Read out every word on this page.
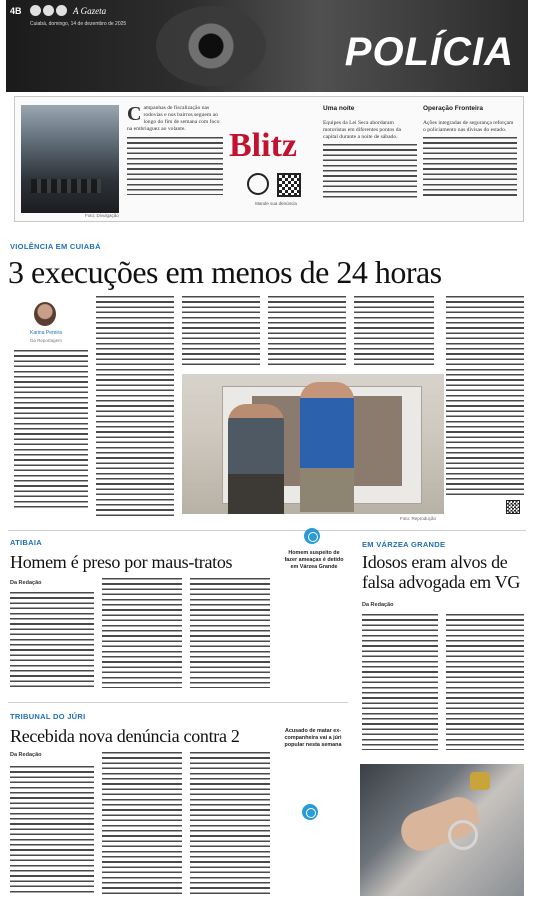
4B	A Gazeta
Cuiabá, domingo, 14 de dezembro de 2025
POLÍCIA
Foto: Divulgação
C ampanhas de fiscalização nas rodovias e nos bairros seguem ao longo do fim de semana com foco na embriaguez ao volante.	Blitz
Mande sua denúncia
Uma noite

Equipes da Lei Seca abordaram motoristas em diferentes pontos da capital durante a noite de sábado.

Operação Fronteira

Ações integradas de segurança reforçam o policiamento nas divisas do estado.

VIOLÊNCIA EM CUIABÁ
3 execuções em menos de 24 horas
Karina Pereira
Da Reportagem
Foto: Reprodução
ATIBAIA
Homem é preso por maus-tratos
Da Redação
Homem suspeito de fazer ameaças é detido em Várzea Grande
EM VÁRZEA GRANDE
Idosos eram alvos de falsa advogada em VG
Da Redação
TRIBUNAL DO JÚRI
Recebida nova denúncia contra 2
Da Redação
Acusado de matar ex-companheira vai a júri popular nesta semana
